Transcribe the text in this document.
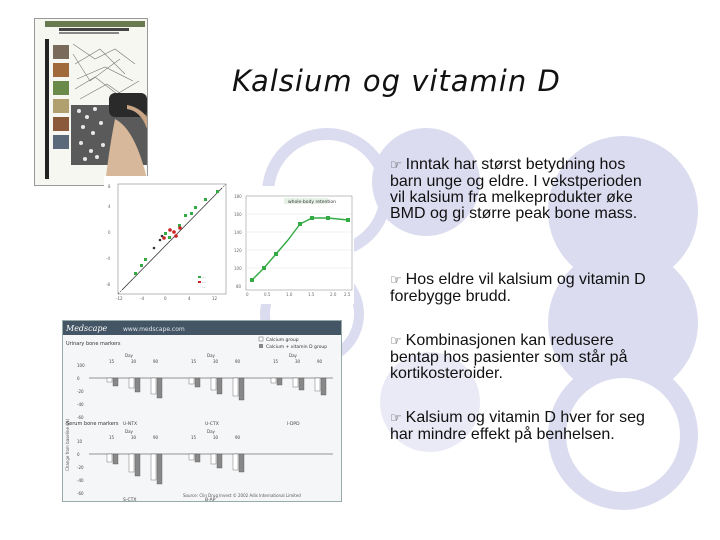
Kalsium og vitamin D
8
4
0
-4
-8
---
---
---
-12	-4	0	4	12
whole-body retention
180
160
140
120
100
80
0	0.5	1.0	1.5	2.0 2.5
Medscape	www.medscape.com
Calcium group
Calcium + vitamin D group
Urinary bone markers
Serum bone markers
Change from baseline (%)
100
0
-20
-40
-60
Day
15	30	90
U-NTX
Day
15	30	90
U-CTX
Day
15	30	90
I-DPD
10
0
-20
-40
-60
Day
15	30	90
S-CTX
Day
15	30	90
B-AP
Source: Clin Drug Invest © 2002 Adis International Limited
☞ Inntak har størst betydning hos barn unge og eldre. I vekstperioden vil kalsium fra melkeprodukter øke BMD og gi større peak bone mass.
☞ Hos eldre vil kalsium og vitamin D forebygge brudd.
☞ Kombinasjonen kan redusere bentap hos pasienter som står på kortikosteroider.
☞ Kalsium og vitamin D hver for seg har mindre effekt på benhelsen.
